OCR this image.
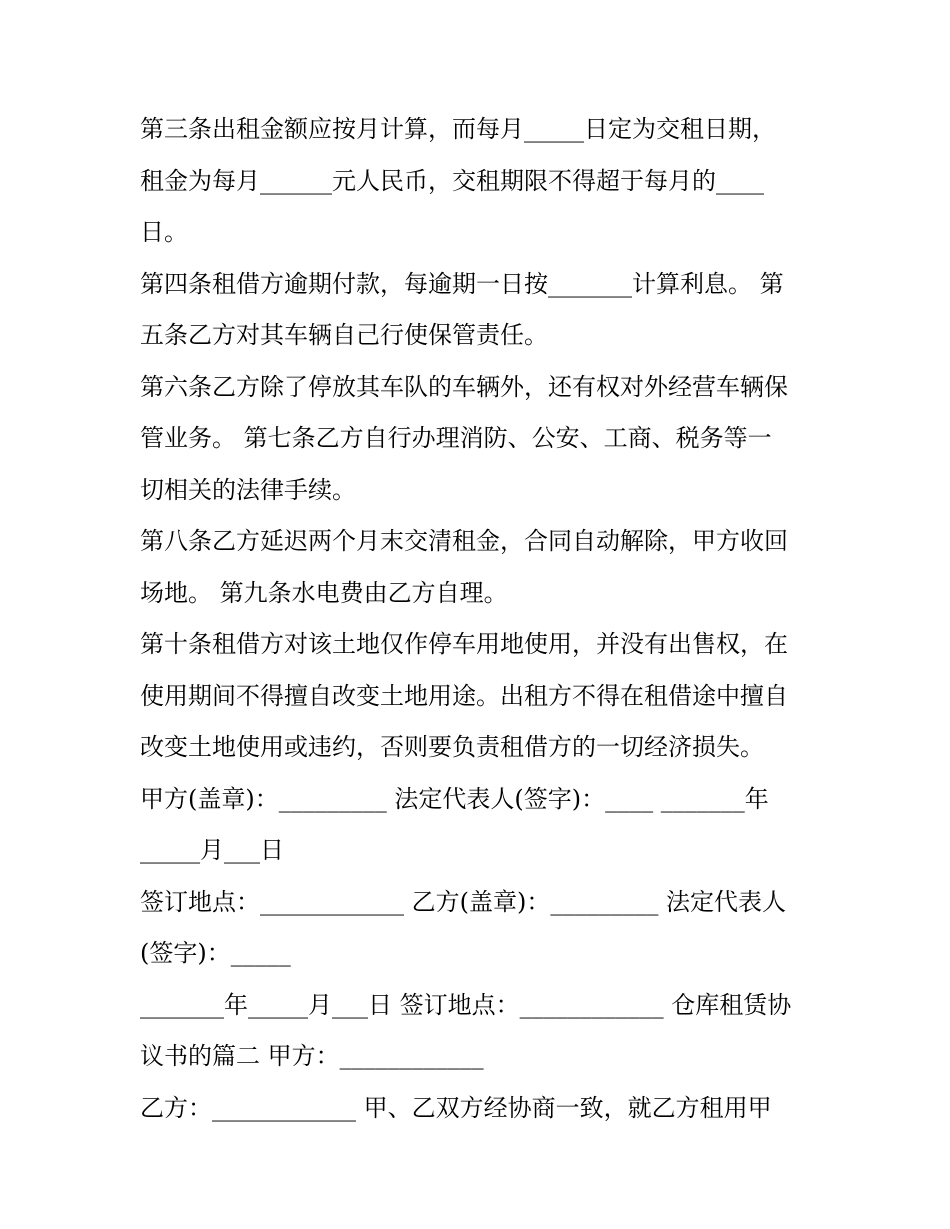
第三条出租金额应按月计算，而每月_____日定为交租日期，
租金为每月______元人民币，交租期限不得超于每月的____
日。
第四条租借方逾期付款，每逾期一日按_______计算利息。 第
五条乙方对其车辆自己行使保管责任。
第六条乙方除了停放其车队的车辆外，还有权对外经营车辆保
管业务。 第七条乙方自行办理消防、公安、工商、税务等一
切相关的法律手续。
第八条乙方延迟两个月末交清租金，合同自动解除，甲方收回
场地。 第九条水电费由乙方自理。
第十条租借方对该土地仅作停车用地使用，并没有出售权，在
使用期间不得擅自改变土地用途。出租方不得在租借途中擅自
改变土地使用或违约，否则要负责租借方的一切经济损失。
甲方(盖章)：_________ 法定代表人(签字)：____ _______年
_____月___日
签订地点：____________ 乙方(盖章)：_________ 法定代表人
(签字)：_____
_______年_____月___日 签订地点：____________ 仓库租赁协
议书的篇二 甲方：____________
乙方：____________ 甲、乙双方经协商一致，就乙方租用甲
